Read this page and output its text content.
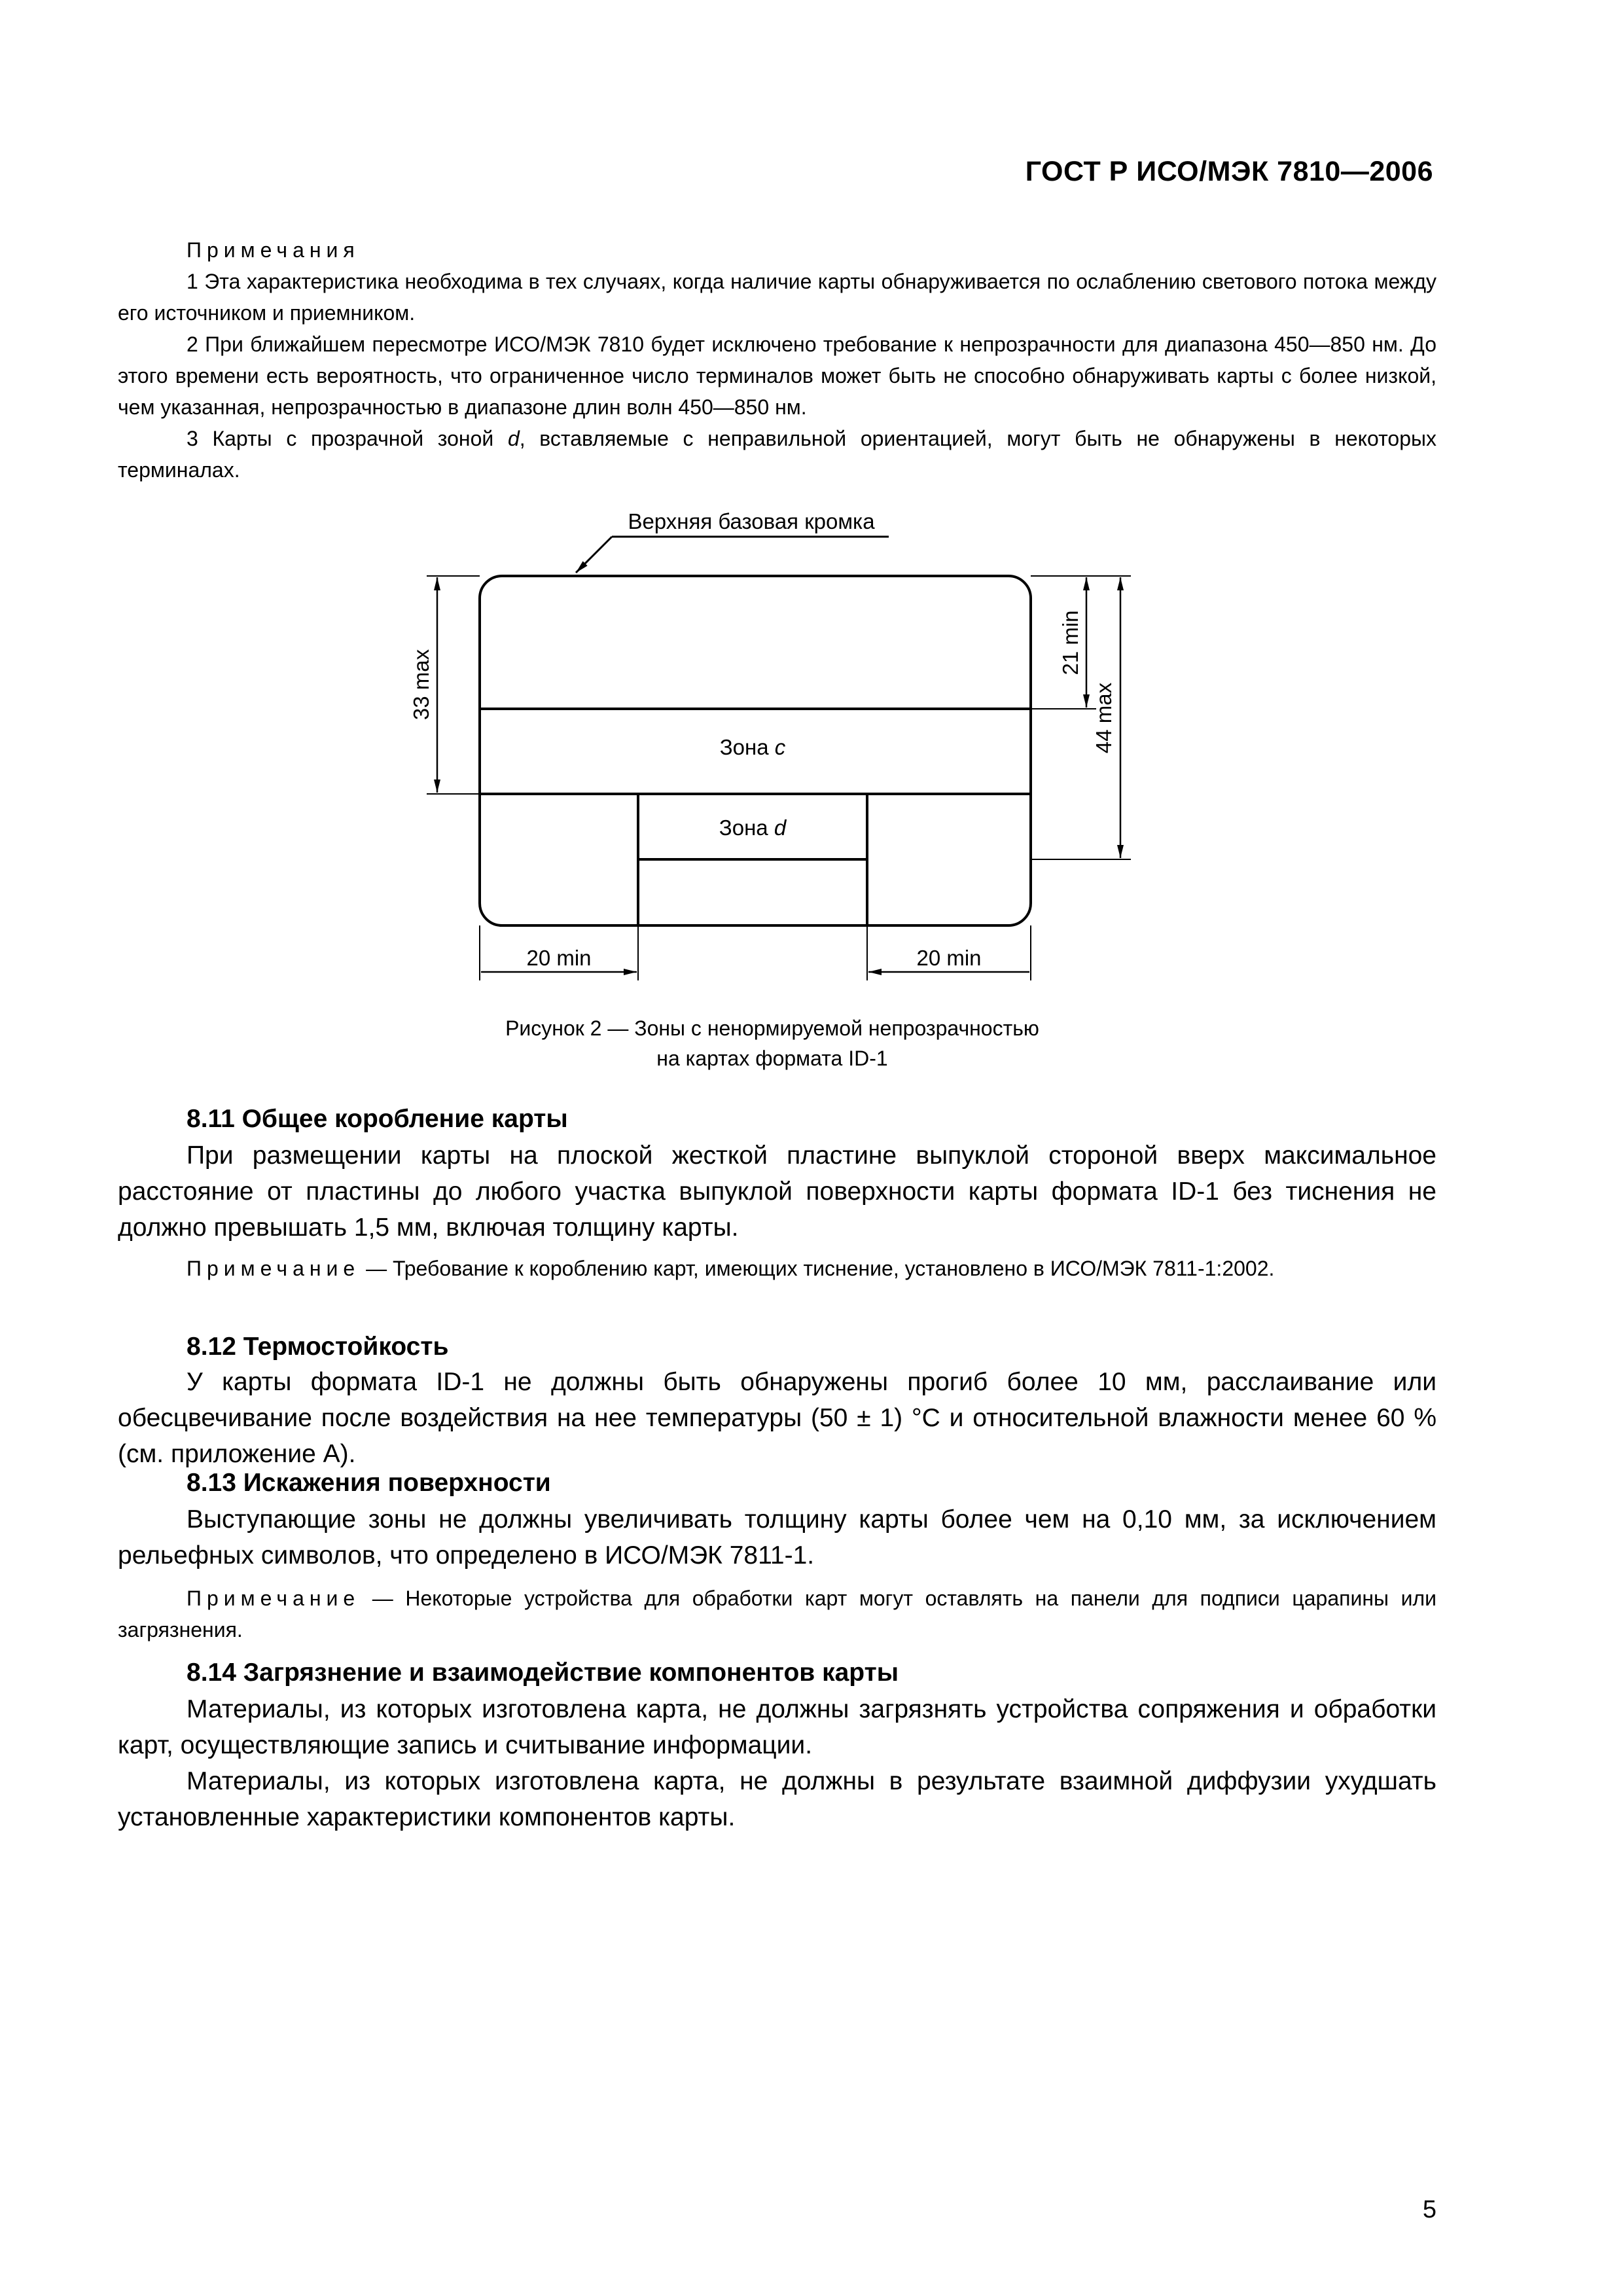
ГОСТ Р ИСО/МЭК 7810—2006
Примечания
1 Эта характеристика необходима в тех случаях, когда наличие карты обнаруживается по ослаблению светового потока между его источником и приемником.
2 При ближайшем пересмотре ИСО/МЭК 7810 будет исключено требование к непрозрачности для диапазона 450—850 нм. До этого времени есть вероятность, что ограниченное число терминалов может быть не способно обнаруживать карты с более низкой, чем указанная, непрозрачностью в диапазоне длин волн 450—850 нм.
3 Карты с прозрачной зоной d, вставляемые с неправильной ориентацией, могут быть не обнаружены в некоторых терминалах.
Верхняя базовая кромка
Зона c
Зона d
33 max
21 min
44 max
20 min	20 min
Рисунок 2 — Зоны с ненормируемой непрозрачностью
на картах формата ID-1
8.11 Общее коробление карты
При размещении карты на плоской жесткой пластине выпуклой стороной вверх максимальное расстояние от пластины до любого участка выпуклой поверхности карты формата ID-1 без тиснения не должно превышать 1,5 мм, включая толщину карты.
Примечание — Требование к короблению карт, имеющих тиснение, установлено в ИСО/МЭК 7811-1:2002.
8.12 Термостойкость
У карты формата ID-1 не должны быть обнаружены прогиб более 10 мм, расслаивание или обесцвечивание после воздействия на нее температуры (50 ± 1) °С и относительной влажности менее 60 % (см. приложение А).
8.13 Искажения поверхности
Выступающие зоны не должны увеличивать толщину карты более чем на 0,10 мм, за исключением рельефных символов, что определено в ИСО/МЭК 7811-1.
Примечание — Некоторые устройства для обработки карт могут оставлять на панели для подписи царапины или загрязнения.
8.14 Загрязнение и взаимодействие компонентов карты
Материалы, из которых изготовлена карта, не должны загрязнять устройства сопряжения и обработки карт, осуществляющие запись и считывание информации.
Материалы, из которых изготовлена карта, не должны в результате взаимной диффузии ухудшать установленные характеристики компонентов карты.
5
